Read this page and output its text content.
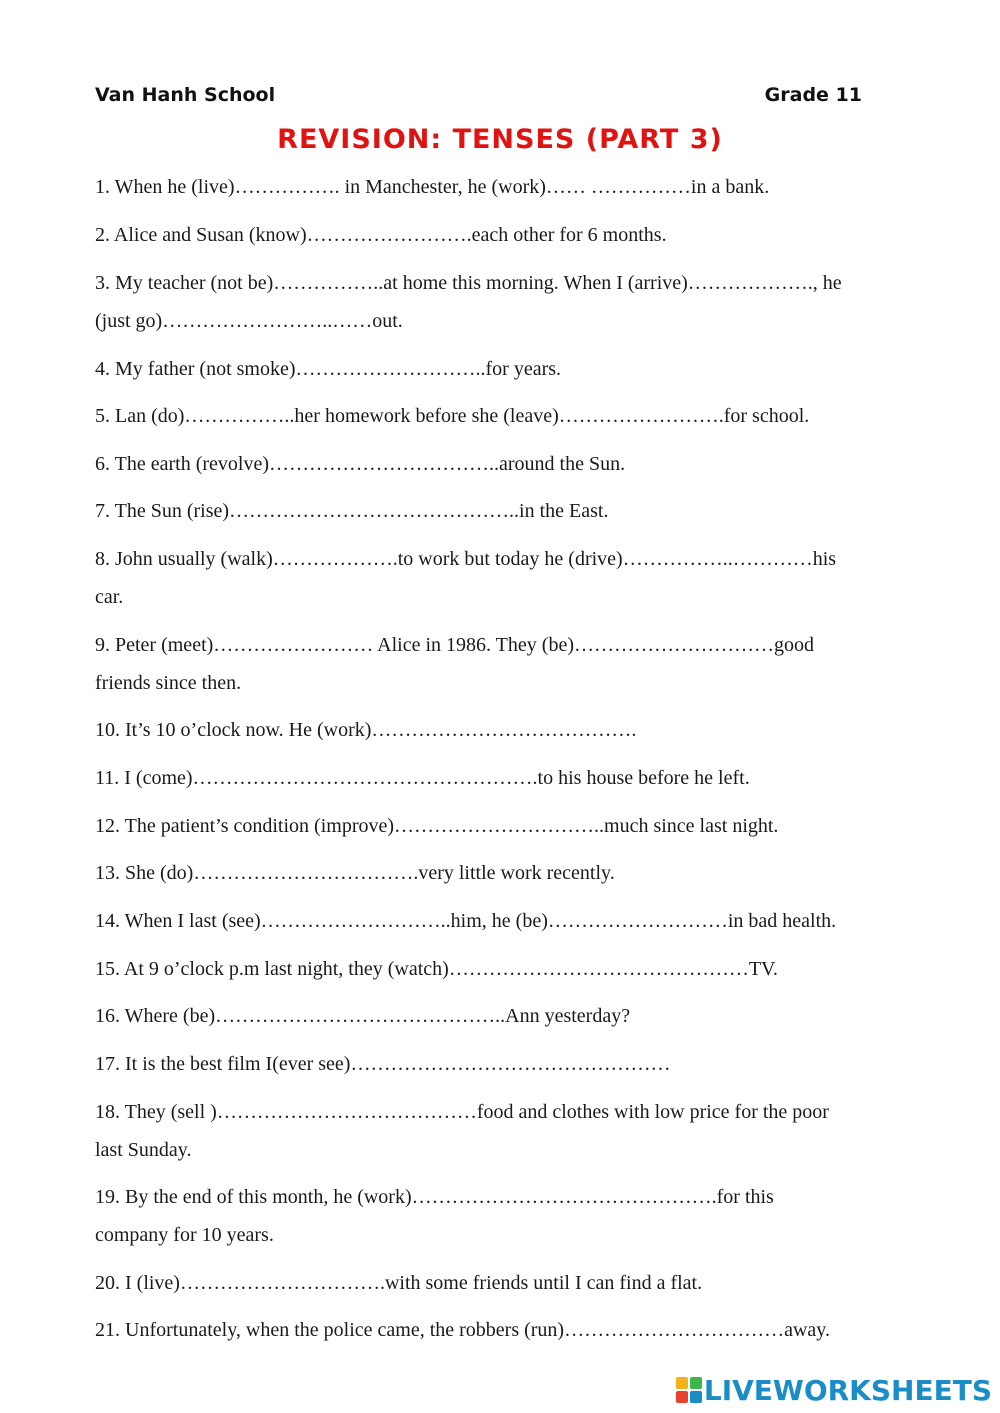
Van Hanh School	Grade 11
REVISION: TENSES (PART 3)
1. When he (live)……………. in Manchester, he (work)…… ……………in a bank.
2. Alice and Susan (know)…………………….each other for 6 months.
3. My teacher (not be)……………..at home this morning. When I (arrive)………………., he
(just go)……………………..……out.
4. My father (not smoke)………………………..for years.
5. Lan (do)……………..her homework before she (leave)…………………….for school.
6. The earth (revolve)……………………………..around the Sun.
7. The Sun (rise)……………………………………..in the East.
8. John usually (walk)……………….to work but today he (drive)……………..…………his
car.
9. Peter (meet)…………………… Alice in 1986. They (be)…………………………good
friends since then.
10. It’s 10 o’clock now. He (work)………………………………….
11. I (come)…………………………………………….to his house before he left.
12. The patient’s condition (improve)…………………………..much since last night.
13. She (do)…………………………….very little work recently.
14. When I last (see)………………………..him, he (be)………………………in bad health.
15. At 9 o’clock p.m last night, they (watch)………………………………………TV.
16. Where (be)……………………………………..Ann yesterday?
17. It is the best film I(ever see)…………………………………………
18. They (sell )…………………………………food and clothes with low price for the poor
last Sunday.
19. By the end of this month, he (work)……………………………………….for this
company for 10 years.
20. I (live)………………………….with some friends until I can find a flat.
21. Unfortunately, when the police came, the robbers (run)……………………………away.
LIVEWORKSHEETS
